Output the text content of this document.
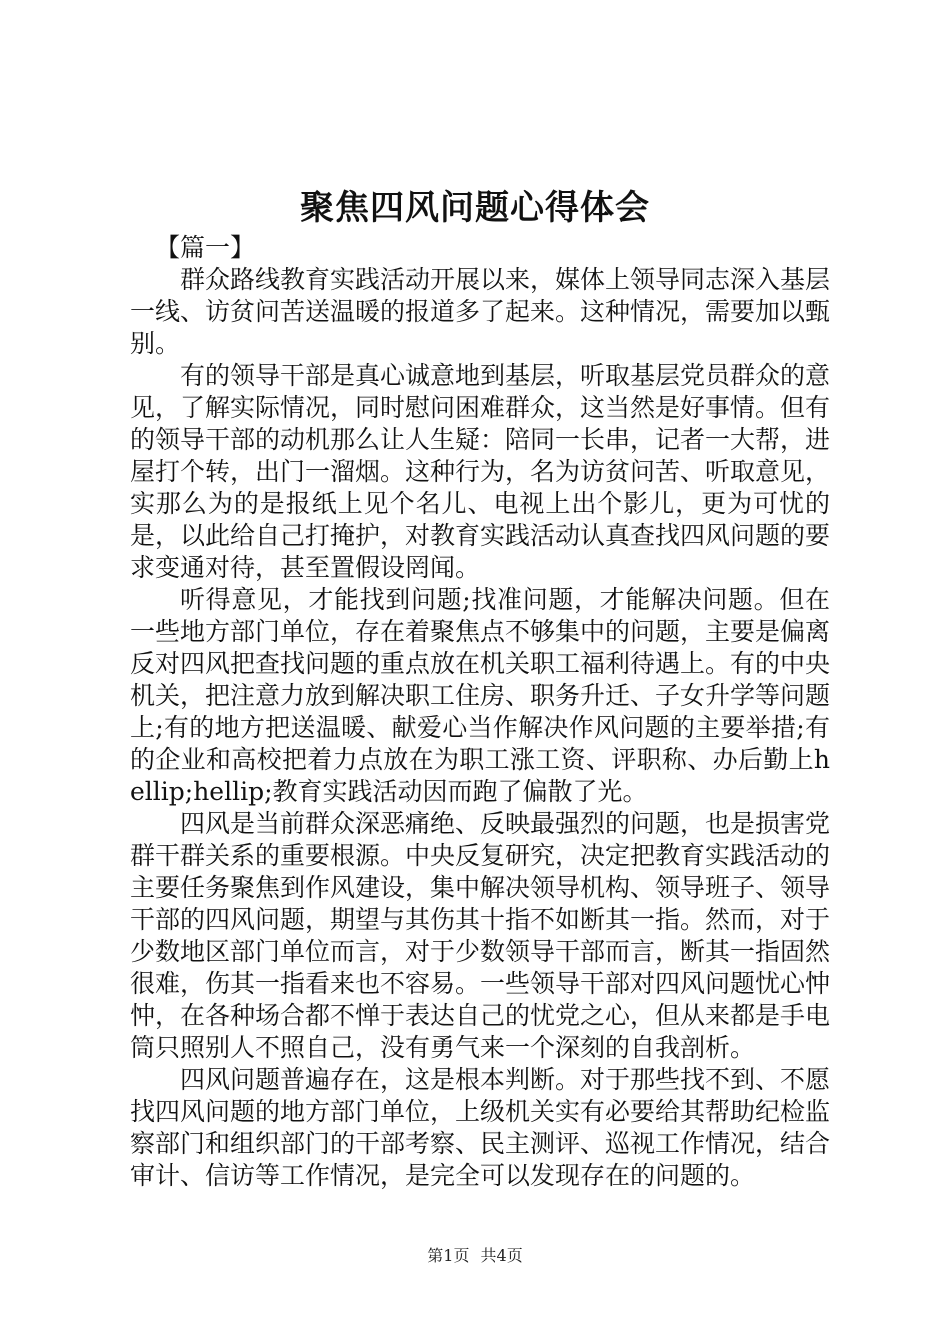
聚焦四风问题心得体会

【篇一】

群众路线教育实践活动开展以来，媒体上领导同志深入基层一线、访贫问苦送温暖的报道多了起来。这种情况，需要加以甄别。

有的领导干部是真心诚意地到基层，听取基层党员群众的意见，了解实际情况，同时慰问困难群众，这当然是好事情。但有的领导干部的动机那么让人生疑：陪同一长串，记者一大帮，进屋打个转，出门一溜烟。这种行为，名为访贫问苦、听取意见，实那么为的是报纸上见个名儿、电视上出个影儿，更为可忧的是，以此给自己打掩护，对教育实践活动认真查找四风问题的要求变通对待，甚至置假设罔闻。

听得意见，才能找到问题;找准问题，才能解决问题。但在一些地方部门单位，存在着聚焦点不够集中的问题，主要是偏离反对四风把查找问题的重点放在机关职工福利待遇上。有的中央机关，把注意力放到解决职工住房、职务升迁、子女升学等问题上;有的地方把送温暖、献爱心当作解决作风问题的主要举措;有的企业和高校把着力点放在为职工涨工资、评职称、办后勤上hellip;hellip;教育实践活动因而跑了偏散了光。

四风是当前群众深恶痛绝、反映最强烈的问题，也是损害党群干群关系的重要根源。中央反复研究，决定把教育实践活动的主要任务聚焦到作风建设，集中解决领导机构、领导班子、领导干部的四风问题，期望与其伤其十指不如断其一指。然而，对于少数地区部门单位而言，对于少数领导干部而言，断其一指固然很难，伤其一指看来也不容易。一些领导干部对四风问题忧心忡忡，在各种场合都不惮于表达自己的忧党之心，但从来都是手电筒只照别人不照自己，没有勇气来一个深刻的自我剖析。

四风问题普遍存在，这是根本判断。对于那些找不到、不愿找四风问题的地方部门单位，上级机关实有必要给其帮助纪检监察部门和组织部门的干部考察、民主测评、巡视工作情况，结合审计、信访等工作情况，是完全可以发现存在的问题的。

第1页 共4页
